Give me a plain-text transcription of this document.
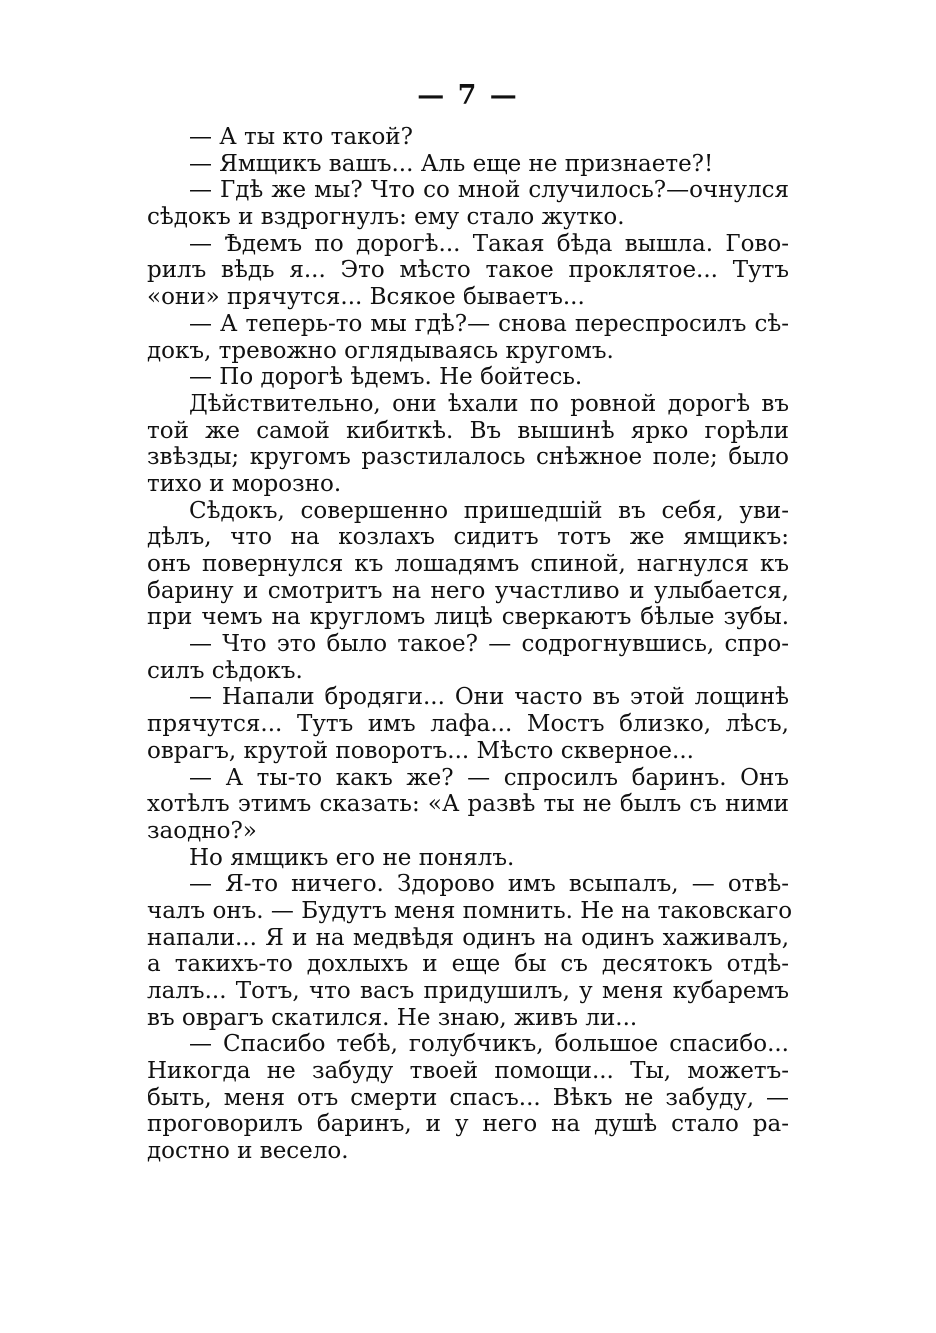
— 7 —
— А ты кто такой?
— Ямщикъ вашъ... Аль еще не признаете?!
— Гдѣ же мы? Что со мной случилось?—очнулся
сѣдокъ и вздрогнулъ: ему стало жутко.
— Ѣдемъ по дорогѣ... Такая бѣда вышла. Гово-
рилъ вѣдь я... Это мѣсто такое проклятое... Тутъ
«они» прячутся... Всякое бываетъ...
— А теперь-то мы гдѣ?— снова переспросилъ сѣ-
докъ, тревожно оглядываясь кругомъ.
— По дорогѣ ѣдемъ. Не бойтесь.
Дѣйствительно, они ѣхали по ровной дорогѣ въ
той же самой кибиткѣ. Въ вышинѣ ярко горѣли
звѣзды; кругомъ разстилалось снѣжное поле; было
тихо и морозно.
Сѣдокъ, совершенно пришедшій въ себя, уви-
дѣлъ, что на козлахъ сидитъ тотъ же ямщикъ:
онъ повернулся къ лошадямъ спиной, нагнулся къ
барину и смотритъ на него участливо и улыбается,
при чемъ на кругломъ лицѣ сверкаютъ бѣлые зубы.
— Что это было такое? — содрогнувшись, спро-
силъ сѣдокъ.
— Напали бродяги... Они часто въ этой лощинѣ
прячутся... Тутъ имъ лафа... Мостъ близко, лѣсъ,
оврагъ, крутой поворотъ... Мѣсто скверное...
— А ты-то какъ же? — спросилъ баринъ. Онъ
хотѣлъ этимъ сказать: «А развѣ ты не былъ съ ними
заодно?»
Но ямщикъ его не понялъ.
— Я-то ничего. Здорово имъ всыпалъ, — отвѣ-
чалъ онъ. — Будутъ меня помнить. Не на таковскаго
напали... Я и на медвѣдя одинъ на одинъ хаживалъ,
а такихъ-то дохлыхъ и еще бы съ десятокъ отдѣ-
лалъ... Тотъ, что васъ придушилъ, у меня кубаремъ
въ оврагъ скатился. Не знаю, живъ ли...
— Спасибо тебѣ, голубчикъ, большое спасибо...
Никогда не забуду твоей помощи... Ты, можетъ-
быть, меня отъ смерти спасъ... Вѣкъ не забуду, —
проговорилъ баринъ, и у него на душѣ стало ра-
достно и весело.
